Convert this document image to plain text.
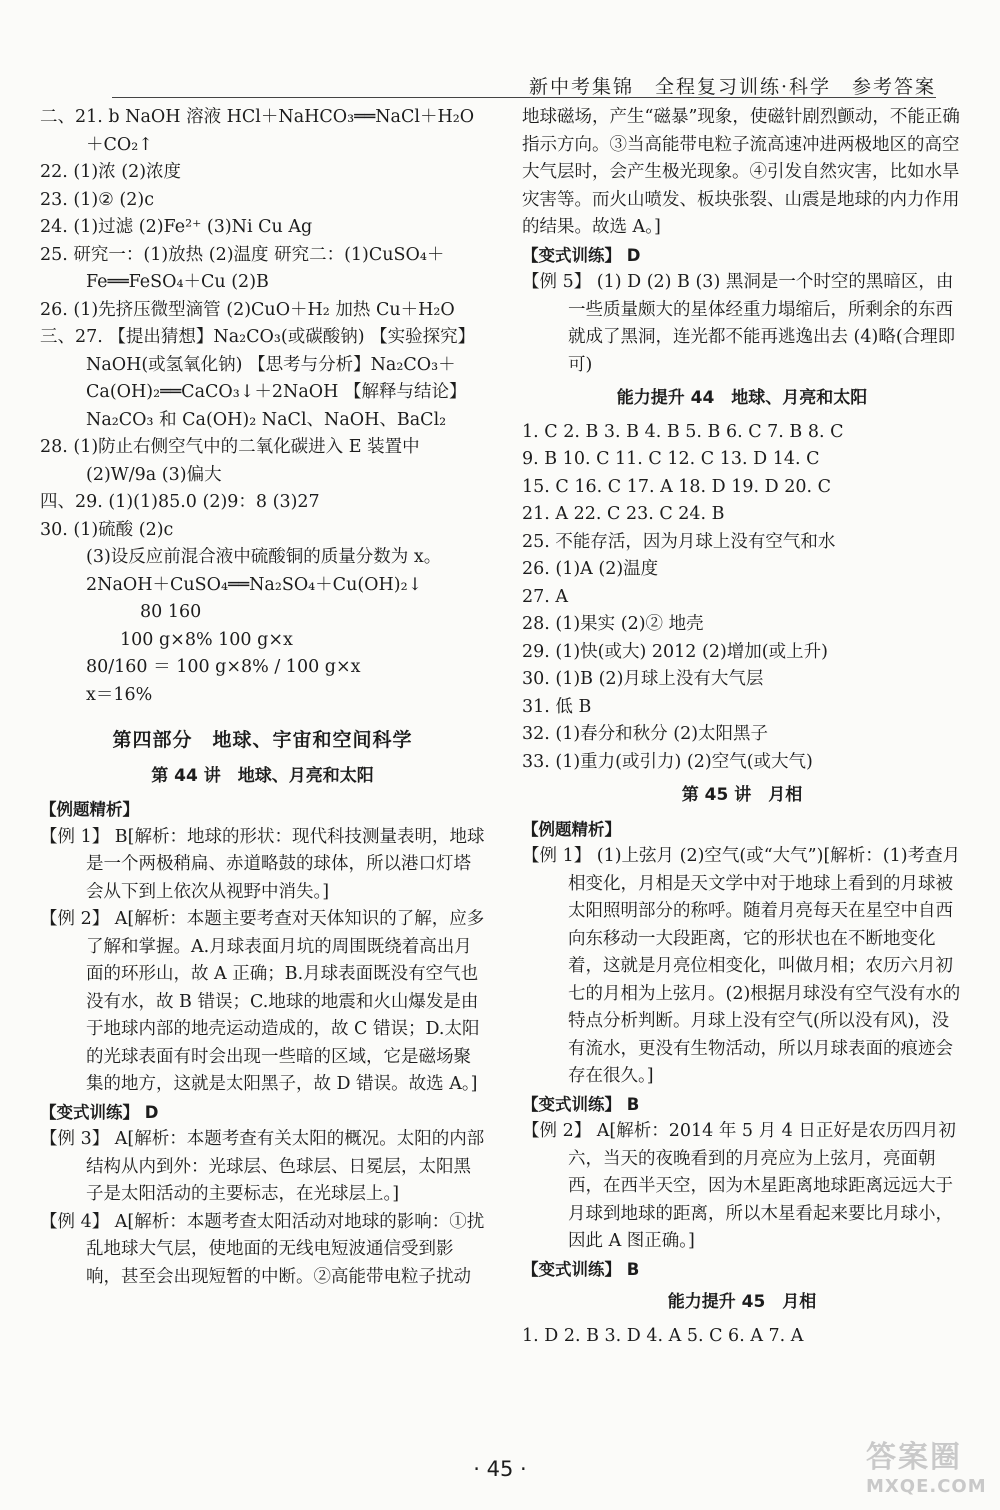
新中考集锦　全程复习训练·科学　参考答案

二、21. b NaOH 溶液 HCl＋NaHCO₃══NaCl＋H₂O＋CO₂↑

22. (1)浓 (2)浓度

23. (1)② (2)c

24. (1)过滤 (2)Fe²⁺ (3)Ni Cu Ag

25. 研究一：(1)放热 (2)温度 研究二：(1)CuSO₄＋Fe══FeSO₄＋Cu (2)B

26. (1)先挤压微型滴管 (2)CuO＋H₂ 加热 Cu＋H₂O

三、27. 【提出猜想】Na₂CO₃(或碳酸钠) 【实验探究】NaOH(或氢氧化钠) 【思考与分析】Na₂CO₃＋Ca(OH)₂══CaCO₃↓＋2NaOH 【解释与结论】Na₂CO₃ 和 Ca(OH)₂ NaCl、NaOH、BaCl₂

28. (1)防止右侧空气中的二氧化碳进入 E 装置中

(2)W/9a (3)偏大

四、29. (1)(1)85.0 (2)9：8 (3)27

30. (1)硫酸 (2)c

(3)设反应前混合液中硫酸铜的质量分数为 x。

2NaOH＋CuSO₄══Na₂SO₄＋Cu(OH)₂↓

80 160

100 g×8% 100 g×x

80/160 ＝ 100 g×8% / 100 g×x

x＝16%

第四部分　地球、宇宙和空间科学

第 44 讲　地球、月亮和太阳

【例题精析】

【例 1】 B[解析：地球的形状：现代科技测量表明，地球是一个两极稍扁、赤道略鼓的球体，所以港口灯塔会从下到上依次从视野中消失。]

【例 2】 A[解析：本题主要考查对天体知识的了解，应多了解和掌握。A.月球表面月坑的周围既绕着高出月面的环形山，故 A 正确；B.月球表面既没有空气也没有水，故 B 错误；C.地球的地震和火山爆发是由于地球内部的地壳运动造成的，故 C 错误；D.太阳的光球表面有时会出现一些暗的区域，它是磁场聚集的地方，这就是太阳黑子，故 D 错误。故选 A。]

【变式训练】 D

【例 3】 A[解析：本题考查有关太阳的概况。太阳的内部结构从内到外：光球层、色球层、日冕层，太阳黑子是太阳活动的主要标志，在光球层上。]

【例 4】 A[解析：本题考查太阳活动对地球的影响：①扰乱地球大气层，使地面的无线电短波通信受到影响，甚至会出现短暂的中断。②高能带电粒子扰动

地球磁场，产生“磁暴”现象，使磁针剧烈颤动，不能正确指示方向。③当高能带电粒子流高速冲进两极地区的高空大气层时，会产生极光现象。④引发自然灾害，比如水旱灾害等。而火山喷发、板块张裂、山震是地球的内力作用的结果。故选 A。]

【变式训练】 D

【例 5】 (1) D (2) B (3) 黑洞是一个时空的黑暗区，由一些质量颇大的星体经重力塌缩后，所剩余的东西就成了黑洞，连光都不能再逃逸出去 (4)略(合理即可)

能力提升 44　地球、月亮和太阳

1. C 2. B 3. B 4. B 5. B 6. C 7. B 8. C

9. B 10. C 11. C 12. C 13. D 14. C

15. C 16. C 17. A 18. D 19. D 20. C

21. A 22. C 23. C 24. B

25. 不能存活，因为月球上没有空气和水

26. (1)A (2)温度

27. A

28. (1)果实 (2)② 地壳

29. (1)快(或大) 2012 (2)增加(或上升)

30. (1)B (2)月球上没有大气层

31. 低 B

32. (1)春分和秋分 (2)太阳黑子

33. (1)重力(或引力) (2)空气(或大气)

第 45 讲　月相

【例题精析】

【例 1】 (1)上弦月 (2)空气(或“大气”)[解析：(1)考查月相变化，月相是天文学中对于地球上看到的月球被太阳照明部分的称呼。随着月亮每天在星空中自西向东移动一大段距离，它的形状也在不断地变化着，这就是月亮位相变化，叫做月相；农历六月初七的月相为上弦月。(2)根据月球没有空气没有水的特点分析判断。月球上没有空气(所以没有风)，没有流水，更没有生物活动，所以月球表面的痕迹会存在很久。]

【变式训练】 B

【例 2】 A[解析：2014 年 5 月 4 日正好是农历四月初六，当天的夜晚看到的月亮应为上弦月，亮面朝西，在西半天空，因为木星距离地球距离远远大于月球到地球的距离，所以木星看起来要比月球小，因此 A 图正确。]

【变式训练】 B

能力提升 45　月相

1. D 2. B 3. D 4. A 5. C 6. A 7. A

· 45 ·	答案圈
MXQE.COM
